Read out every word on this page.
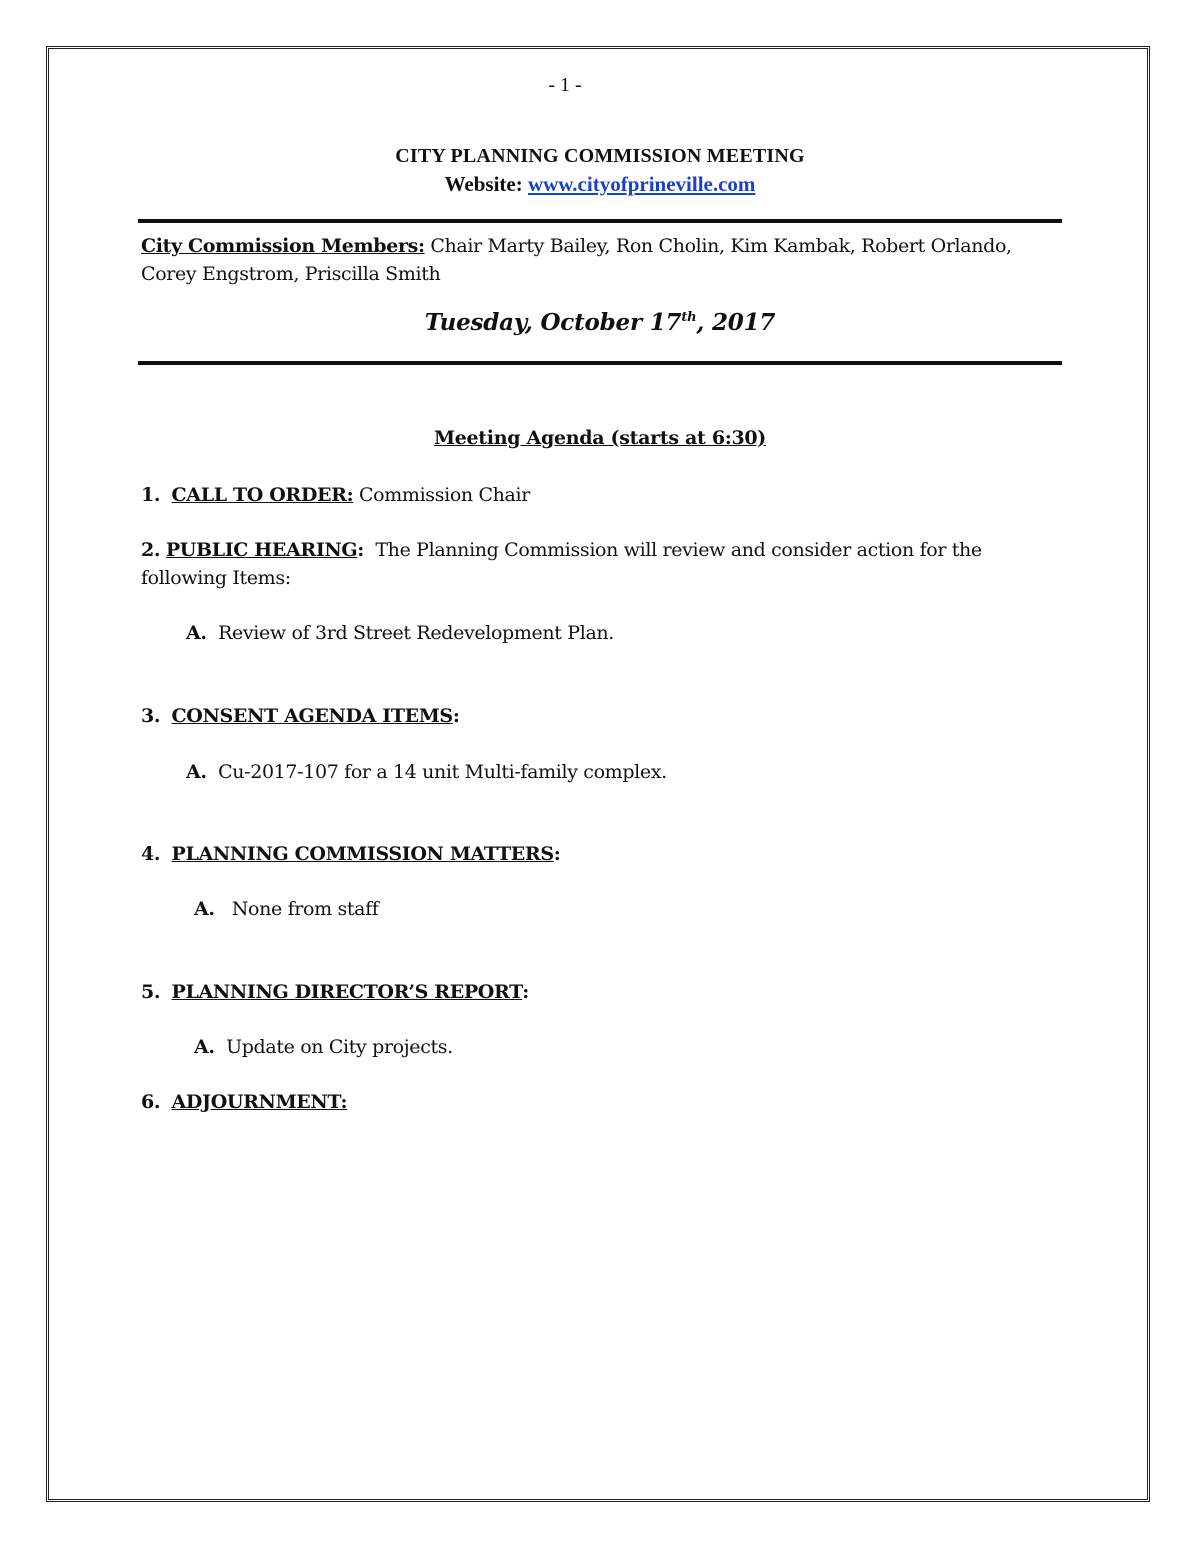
- 1 -
CITY PLANNING COMMISSION MEETING
Website: www.cityofprineville.com
City Commission Members: Chair Marty Bailey, Ron Cholin, Kim Kambak, Robert Orlando, Corey Engstrom, Priscilla Smith
Tuesday, October 17th, 2017
Meeting Agenda (starts at 6:30)
1. CALL TO ORDER: Commission Chair
2. PUBLIC HEARING: The Planning Commission will review and consider action for the following Items:
A. Review of 3rd Street Redevelopment Plan.
3. CONSENT AGENDA ITEMS:
A. Cu-2017-107 for a 14 unit Multi-family complex.
4. PLANNING COMMISSION MATTERS:
A. None from staff
5. PLANNING DIRECTOR’S REPORT:
A. Update on City projects.
6. ADJOURNMENT:
